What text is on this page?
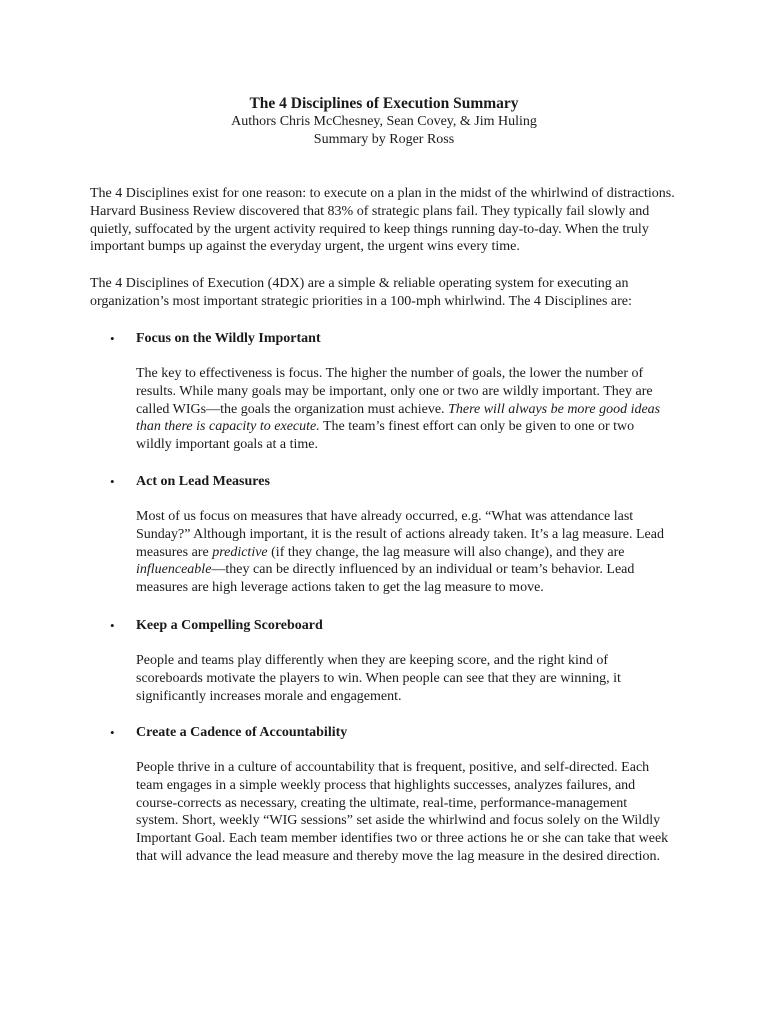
The 4 Disciplines of Execution Summary

Authors Chris McChesney, Sean Covey, & Jim Huling

Summary by Roger Ross

The 4 Disciplines exist for one reason: to execute on a plan in the midst of the whirlwind of distractions. Harvard Business Review discovered that 83% of strategic plans fail. They typically fail slowly and quietly, suffocated by the urgent activity required to keep things running day-to-day. When the truly important bumps up against the everyday urgent, the urgent wins every time.

The 4 Disciplines of Execution (4DX) are a simple & reliable operating system for executing an organization’s most important strategic priorities in a 100-mph whirlwind. The 4 Disciplines are:

• Focus on the Wildly Important

The key to effectiveness is focus. The higher the number of goals, the lower the number of results. While many goals may be important, only one or two are wildly important. They are called WIGs—the goals the organization must achieve. There will always be more good ideas than there is capacity to execute. The team’s finest effort can only be given to one or two wildly important goals at a time.

• Act on Lead Measures

Most of us focus on measures that have already occurred, e.g. “What was attendance last Sunday?” Although important, it is the result of actions already taken. It’s a lag measure. Lead measures are predictive (if they change, the lag measure will also change), and they are influenceable—they can be directly influenced by an individual or team’s behavior. Lead measures are high leverage actions taken to get the lag measure to move.

• Keep a Compelling Scoreboard

People and teams play differently when they are keeping score, and the right kind of scoreboards motivate the players to win. When people can see that they are winning, it significantly increases morale and engagement.

• Create a Cadence of Accountability

People thrive in a culture of accountability that is frequent, positive, and self-directed. Each team engages in a simple weekly process that highlights successes, analyzes failures, and course-corrects as necessary, creating the ultimate, real-time, performance-management system. Short, weekly “WIG sessions” set aside the whirlwind and focus solely on the Wildly Important Goal. Each team member identifies two or three actions he or she can take that week that will advance the lead measure and thereby move the lag measure in the desired direction.
